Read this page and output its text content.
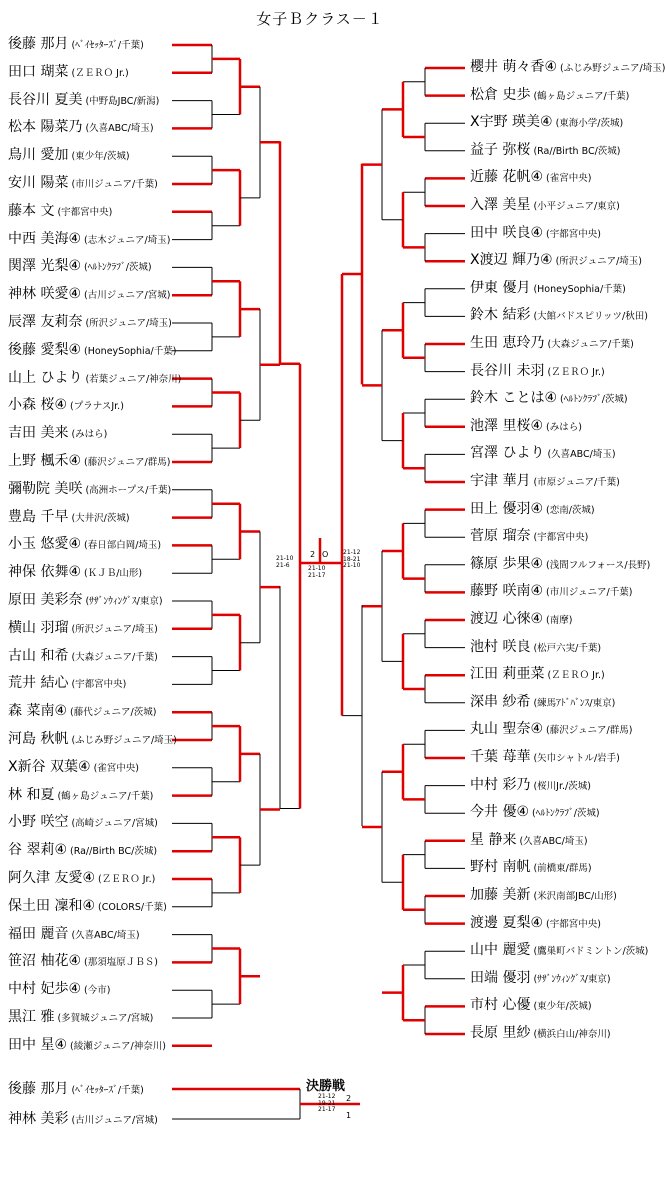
女子Ｂクラス－１
後藤 那月 (ﾍﾞｲｾｯﾀｰｽﾞ/千葉)
田口 瑚菜 (ＺＥＲＯ Jr.)
長谷川 夏美 (中野島JBC/新潟)
松本 陽菜乃 (久喜ABC/埼玉)
鳥川 愛加 (東少年/茨城)
安川 陽菜 (市川ジュニア/千葉)
藤本 文 (宇都宮中央)
中西 美海④ (志木ジュニア/埼玉)
関澤 光梨④ (ﾍﾙﾄﾝｸﾗﾌﾞ/茨城)
神林 咲愛④ (古川ジュニア/宮城)
辰澤 友莉奈 (所沢ジュニア/埼玉)
後藤 愛梨④ (HoneySophia/千葉)
山上 ひより (若葉ジュニア/神奈川)
小森 桜④ (プラナスJr.)
吉田 美来 (みはら)
上野 楓禾④ (藤沢ジュニア/群馬)
彌勒院 美咲 (高洲ホープス/千葉)
豊島 千早 (大井沢/茨城)
小玉 悠愛④ (春日部白岡/埼玉)
神保 依舞④ (ＫＪＢ/山形)
原田 美彩奈 (ｻｻﾞﾝｳｨﾝｸﾞｽ/東京)
横山 羽瑠 (所沢ジュニア/埼玉)
古山 和希 (大森ジュニア/千葉)
荒井 結心 (宇都宮中央)
森 菜南④ (藤代ジュニア/茨城)
河島 秋帆 (ふじみ野ジュニア/埼玉)
X新谷 双葉④ (雀宮中央)
林 和夏 (鶴ヶ島ジュニア/千葉)
小野 咲空 (高崎ジュニア/宮城)
谷 翠莉④ (Ra//Birth BC/茨城)
阿久津 友愛④ (ＺＥＲＯ Jr.)
保土田 凜和④ (COLORS/千葉)
福田 麗音 (久喜ABC/埼玉)
笹沼 柚花④ (那須塩原ＪＢＳ)
中村 妃歩④ (今市)
黒江 雅 (多賀城ジュニア/宮城)
田中 星④ (綾瀬ジュニア/神奈川)
櫻井 萌々香④ (ふじみ野ジュニア/埼玉)
松倉 史歩 (鶴ヶ島ジュニア/千葉)
X宇野 瑛美④ (東海小学/茨城)
益子 弥桜 (Ra//Birth BC/茨城)
近藤 花帆④ (雀宮中央)
入澤 美星 (小平ジュニア/東京)
田中 咲良④ (宇都宮中央)
X渡辺 輝乃④ (所沢ジュニア/埼玉)
伊東 優月 (HoneySophia/千葉)
鈴木 結彩 (大館バドスピリッツ/秋田)
生田 恵玲乃 (大森ジュニア/千葉)
長谷川 未羽 (ＺＥＲＯ Jr.)
鈴木 ことは④ (ﾍﾙﾄﾝｸﾗﾌﾞ/茨城)
池澤 里桜④ (みはら)
宮澤 ひより (久喜ABC/埼玉)
宇津 華月 (市原ジュニア/千葉)
田上 優羽④ (恋南/茨城)
菅原 瑠奈 (宇都宮中央)
篠原 歩果④ (浅間フルフォース/長野)
藤野 咲南④ (市川ジュニア/千葉)
渡辺 心徠④ (南摩)
池村 咲良 (松戸六実/千葉)
江田 莉亜菜 (ＺＥＲＯ Jr.)
深串 紗希 (練馬ｱﾄﾞﾊﾞﾝｽ/東京)
丸山 聖奈④ (藤沢ジュニア/群馬)
千葉 苺華 (矢巾シャトル/岩手)
中村 彩乃 (桜川Jr./茨城)
今井 優④ (ﾍﾙﾄﾝｸﾗﾌﾞ/茨城)
星 静来 (久喜ABC/埼玉)
野村 南帆 (前橋東/群馬)
加藤 美新 (米沢南部JBC/山形)
渡邊 夏梨④ (宇都宮中央)
山中 麗愛 (鷹巣町バドミントン/茨城)
田端 優羽 (ｻｻﾞﾝｳｨﾝｸﾞｽ/東京)
市村 心優 (東少年/茨城)
長原 里紗 (横浜白山/神奈川)
後藤 那月 (ﾍﾞｲｾｯﾀｰｽﾞ/千葉)
神林 美彩 (古川ジュニア/宮城)
21-10
21-6
21-12
18-21
21-10
21-10
21-17
21-12
19-21
21-17
2 O
2
1
決勝戦
